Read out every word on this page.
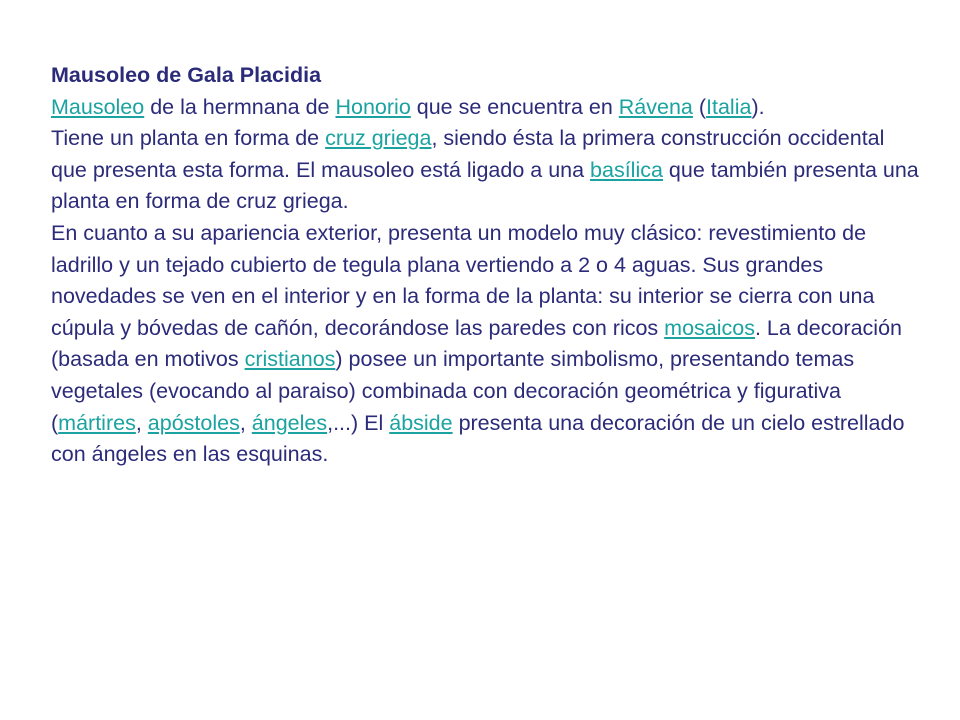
Mausoleo de Gala Placidia

Mausoleo de la hermnana de Honorio que se encuentra en Rávena (Italia).

Tiene un planta en forma de cruz griega, siendo ésta la primera construcción occidental que presenta esta forma. El mausoleo está ligado a una basílica que también presenta una planta en forma de cruz griega.

En cuanto a su apariencia exterior, presenta un modelo muy clásico: revestimiento de ladrillo y un tejado cubierto de tegula plana vertiendo a 2 o 4 aguas. Sus grandes novedades se ven en el interior y en la forma de la planta: su interior se cierra con una cúpula y bóvedas de cañón, decorándose las paredes con ricos mosaicos. La decoración (basada en motivos cristianos) posee un importante simbolismo, presentando temas vegetales (evocando al paraiso) combinada con decoración geométrica y figurativa (mártires, apóstoles, ángeles,...) El ábside presenta una decoración de un cielo estrellado con ángeles en las esquinas.
